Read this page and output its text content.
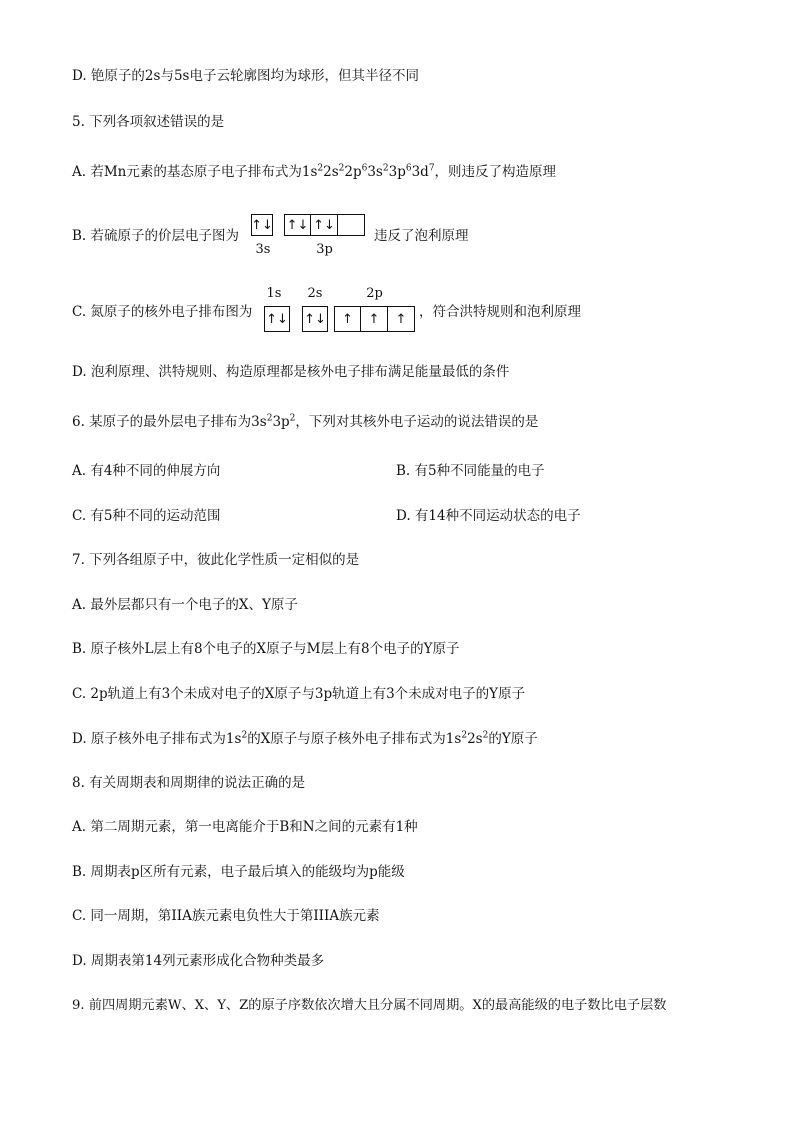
D. 铯原子的2s与5s电子云轮廓图均为球形，但其半径不同
5. 下列各项叙述错误的是
A. 若Mn元素的基态原子电子排布式为$1s^22s^22p^63s^23p^63d^7$，则违反了构造原理
B. 若硫原子的价层电子图为
↑↓ ↑↓ ↑↓
3s	3p
违反了泡利原理
1s	2s	2p
C. 氮原子的核外电子排布图为 ↑↓ ↑↓	↑	↑	↑ ，符合洪特规则和泡利原理
D. 泡利原理、洪特规则、构造原理都是核外电子排布满足能量最低的条件
6. 某原子的最外层电子排布为$3s^23p^2$，下列对其核外电子运动的说法错误的是
A. 有4种不同的伸展方向	B. 有5种不同能量的电子
C. 有5种不同的运动范围	D. 有14种不同运动状态的电子
7. 下列各组原子中，彼此化学性质一定相似的是
A. 最外层都只有一个电子的X、Y原子
B. 原子核外L层上有8个电子的X原子与M层上有8个电子的Y原子
C. 2p轨道上有3个未成对电子的X原子与3p轨道上有3个未成对电子的Y原子
D. 原子核外电子排布式为$1s^2$的X原子与原子核外电子排布式为$1s^22s^2$的Y原子
8. 有关周期表和周期律的说法正确的是
A. 第二周期元素，第一电离能介于B和N之间的元素有1种
B. 周期表p区所有元素，电子最后填入的能级均为p能级
C. 同一周期，第IIA族元素电负性大于第IIIA族元素
D. 周期表第14列元素形成化合物种类最多
9. 前四周期元素W、X、Y、Z的原子序数依次增大且分属不同周期。X的最高能级的电子数比电子层数
